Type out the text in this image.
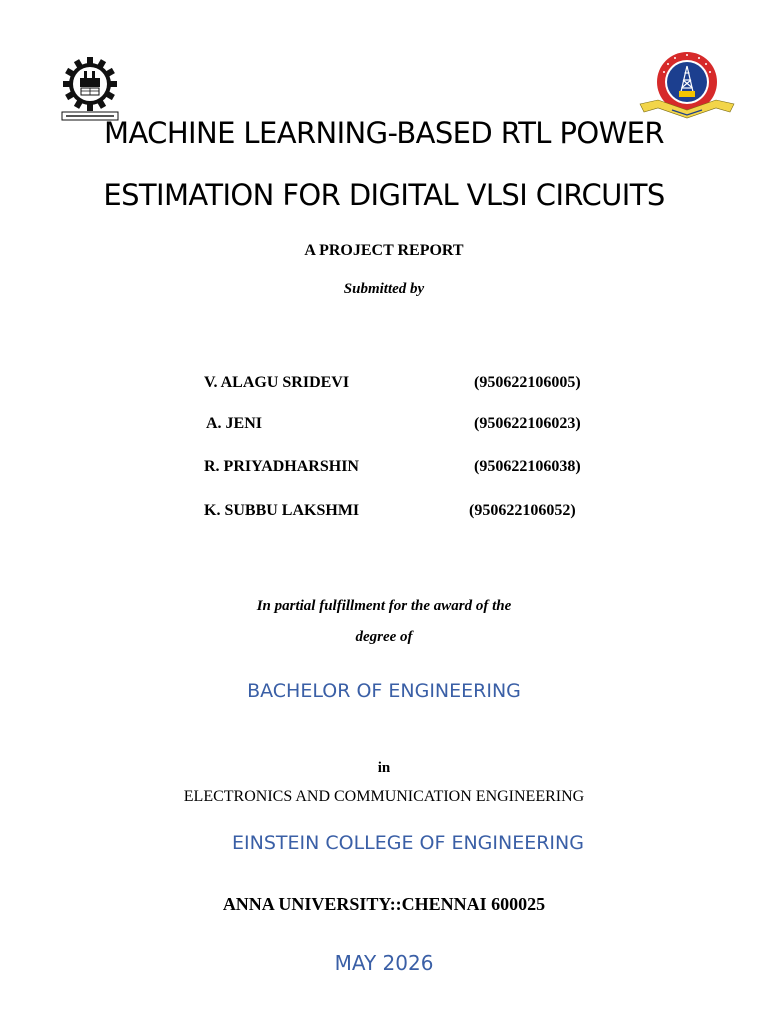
MACHINE LEARNING-BASED RTL POWER
ESTIMATION FOR DIGITAL VLSI CIRCUITS
A PROJECT REPORT
Submitted by
V. ALAGU SRIDEVI	(950622106005)
A. JENI	(950622106023)
R. PRIYADHARSHIN	(950622106038)
K. SUBBU LAKSHMI	(950622106052)
In partial fulfillment for the award of the
degree of
BACHELOR OF ENGINEERING
in
ELECTRONICS AND COMMUNICATION ENGINEERING
EINSTEIN COLLEGE OF ENGINEERING
ANNA UNIVERSITY::CHENNAI 600025
MAY 2026
